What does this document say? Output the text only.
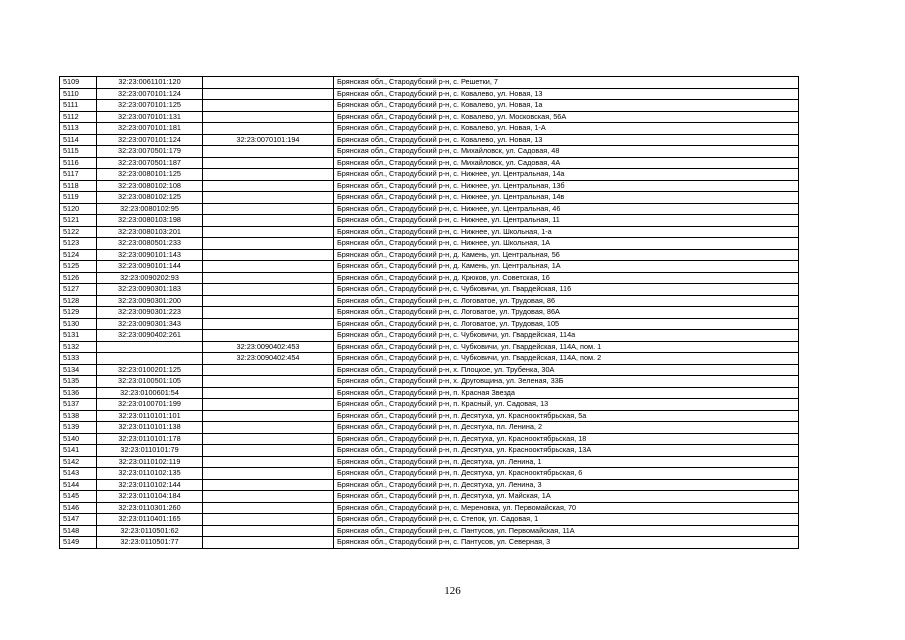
5109	32:23:0061101:120		Брянская обл., Стародубский р-н, с. Решетки, 7
5110	32:23:0070101:124		Брянская обл., Стародубский р-н, с. Ковалево, ул. Новая, 13
5111	32:23:0070101:125		Брянская обл., Стародубский р-н, с. Ковалево, ул. Новая, 1а
5112	32:23:0070101:131		Брянская обл., Стародубский р-н, с. Ковалево, ул. Московская, 56А
5113	32:23:0070101:181		Брянская обл., Стародубский р-н, с. Ковалево, ул. Новая, 1-А
5114	32:23:0070101:124	32:23:0070101:194	Брянская обл., Стародубский р-н, с. Ковалево, ул. Новая, 13
5115	32:23:0070501:179		Брянская обл., Стародубский р-н, с. Михайловск, ул. Садовая, 48
5116	32:23:0070501:187		Брянская обл., Стародубский р-н, с. Михайловск, ул. Садовая, 4А
5117	32:23:0080101:125		Брянская обл., Стародубский р-н, с. Нижнее, ул. Центральная, 14а
5118	32:23:0080102:108		Брянская обл., Стародубский р-н, с. Нижнее, ул. Центральная, 13б
5119	32:23:0080102:125		Брянская обл., Стародубский р-н, с. Нижнее, ул. Центральная, 14в
5120	32:23:0080102:95		Брянская обл., Стародубский р-н, с. Нижнее, ул. Центральная, 46
5121	32:23:0080103:198		Брянская обл., Стародубский р-н, с. Нижнее, ул. Центральная, 11
5122	32:23:0080103:201		Брянская обл., Стародубский р-н, с. Нижнее, ул. Школьная, 1-а
5123	32:23:0080501:233		Брянская обл., Стародубский р-н, с. Нижнее, ул. Школьная, 1А
5124	32:23:0090101:143		Брянская обл., Стародубский р-н, д. Камень, ул. Центральная, 56
5125	32:23:0090101:144		Брянская обл., Стародубский р-н, д. Камень, ул. Центральная, 1А
5126	32:23:0090202:93		Брянская обл., Стародубский р-н, д. Крюков, ул. Советская, 16
5127	32:23:0090301:183		Брянская обл., Стародубский р-н, с. Чубковичи, ул. Гвардейская, 116
5128	32:23:0090301:200		Брянская обл., Стародубский р-н, с. Логоватое, ул. Трудовая, 86
5129	32:23:0090301:223		Брянская обл., Стародубский р-н, с. Логоватое, ул. Трудовая, 86А
5130	32:23:0090301:343		Брянская обл., Стародубский р-н, с. Логоватое, ул. Трудовая, 105
5131	32:23:0090402:261		Брянская обл., Стародубский р-н, с. Чубковичи, ул. Гвардейская, 114а
5132		32:23:0090402:453	Брянская обл., Стародубский р-н, с. Чубковичи, ул. Гвардейская, 114А, пом. 1
5133		32:23:0090402:454	Брянская обл., Стародубский р-н, с. Чубковичи, ул. Гвардейская, 114А, пом. 2
5134	32:23:0100201:125		Брянская обл., Стародубский р-н, х. Плоцкое, ул. Трубенка, 30А
5135	32:23:0100501:105		Брянская обл., Стародубский р-н, х. Друговщина, ул. Зеленая, 33Б
5136	32:23:0100601:54		Брянская обл., Стародубский р-н, п. Красная Звезда
5137	32:23:0100701:199		Брянская обл., Стародубский р-н, п. Красный, ул. Садовая, 13
5138	32:23:0110101:101		Брянская обл., Стародубский р-н, п. Десятуха, ул. Краснооктябрьская, 5а
5139	32:23:0110101:138		Брянская обл., Стародубский р-н, п. Десятуха, пл. Ленина, 2
5140	32:23:0110101:178		Брянская обл., Стародубский р-н, п. Десятуха, ул. Краснооктябрьская, 18
5141	32:23:0110101:79		Брянская обл., Стародубский р-н, п. Десятуха, ул. Краснооктябрьская, 13А
5142	32:23:0110102:119		Брянская обл., Стародубский р-н, п. Десятуха, ул. Ленина, 1
5143	32:23:0110102:135		Брянская обл., Стародубский р-н, п. Десятуха, ул. Краснооктябрьская, 6
5144	32:23:0110102:144		Брянская обл., Стародубский р-н, п. Десятуха, ул. Ленина, 3
5145	32:23:0110104:184		Брянская обл., Стародубский р-н, п. Десятуха, ул. Майская, 1А
5146	32:23:0110301:260		Брянская обл., Стародубский р-н, с. Мереновка, ул. Первомайская, 70
5147	32:23:0110401:165		Брянская обл., Стародубский р-н, с. Степок, ул. Садовая, 1
5148	32:23:0110501:62		Брянская обл., Стародубский р-н, с. Пантусов, ул. Первомайская, 11А
5149	32:23:0110501:77		Брянская обл., Стародубский р-н, с. Пантусов, ул. Северная, 3
126
